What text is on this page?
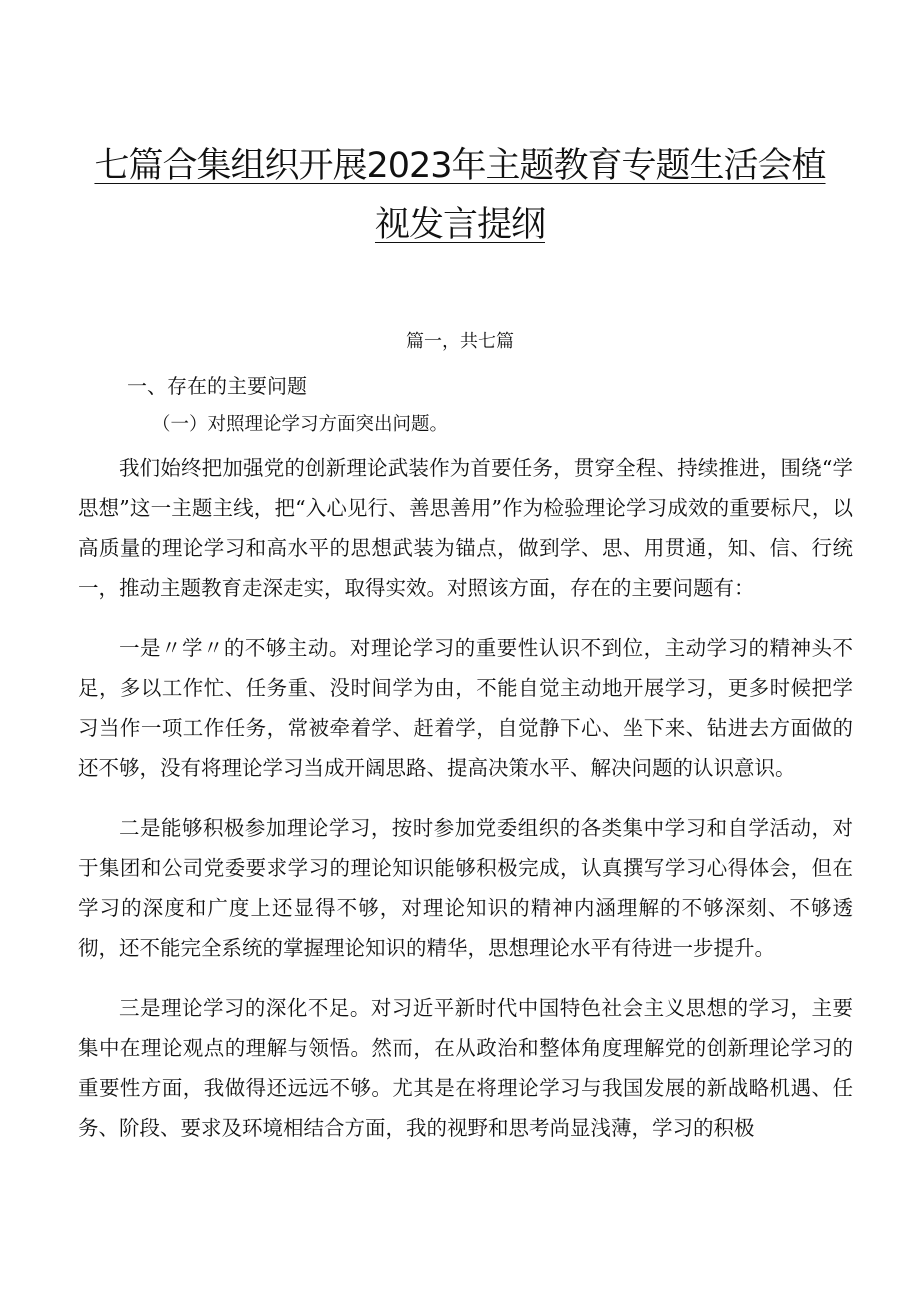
七篇合集组织开展2023年主题教育专题生活会植
视发言提纲
篇一，共七篇
一、存在的主要问题
（一）对照理论学习方面突出问题。

我们始终把加强党的创新理论武装作为首要任务，贯穿全程、持续推进，围绕“学思想”这一主题主线，把“入心见行、善思善用”作为检验理论学习成效的重要标尺，以高质量的理论学习和高水平的思想武装为锚点，做到学、思、用贯通，知、信、行统一，推动主题教育走深走实，取得实效。对照该方面，存在的主要问题有：

一是〃学〃的不够主动。对理论学习的重要性认识不到位，主动学习的精神头不足，多以工作忙、任务重、没时间学为由，不能自觉主动地开展学习，更多时候把学习当作一项工作任务，常被牵着学、赶着学，自觉静下心、坐下来、钻进去方面做的还不够，没有将理论学习当成开阔思路、提高决策水平、解决问题的认识意识。

二是能够积极参加理论学习，按时参加党委组织的各类集中学习和自学活动，对于集团和公司党委要求学习的理论知识能够积极完成，认真撰写学习心得体会，但在学习的深度和广度上还显得不够，对理论知识的精神内涵理解的不够深刻、不够透彻，还不能完全系统的掌握理论知识的精华，思想理论水平有待进一步提升。

三是理论学习的深化不足。对习近平新时代中国特色社会主义思想的学习，主要集中在理论观点的理解与领悟。然而，在从政治和整体角度理解党的创新理论学习的重要性方面，我做得还远远不够。尤其是在将理论学习与我国发展的新战略机遇、任务、阶段、要求及环境相结合方面，我的视野和思考尚显浅薄，学习的积极
